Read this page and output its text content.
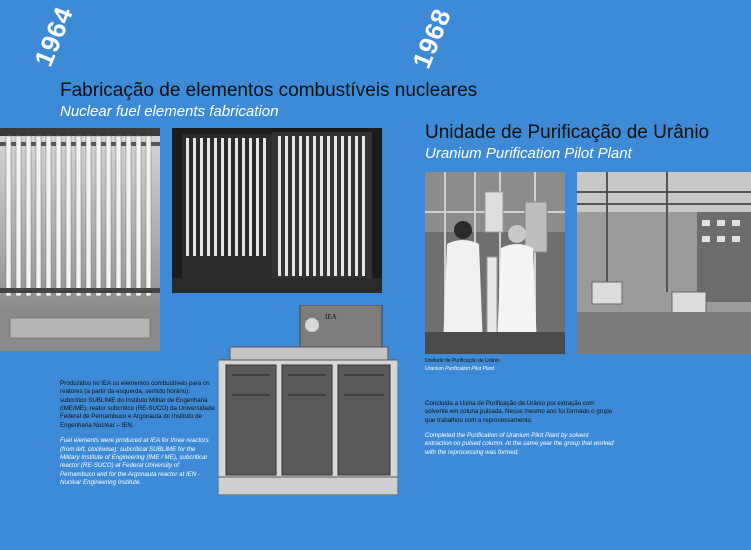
1964	1968
Fabricação de elementos combustíveis nucleares
Nuclear fuel elements fabrication
Unidade de Purificação de Urânio
Uranium Purification Pilot Plant
IEA
Unidade de Purificação de Urânio
Uranium Purification Pilot Plant

Produzidos no IEA os elementos combustíveis para os reatores (a partir da esquerda, sentido horário): subcrítico SUBLIME do Instituto Militar de Engenharia (IME/ME), reator subcrítico (RE-SUCO) da Universidade Federal de Pernambuco e Argonauta do Instituto de Engenharia Nuclear – IEN.

Fuel elements were produced at IEA for three reactors (from left, clockwise): subcritical SUBLIME for the Military Institute of Engineering (IME / ME), subcritical reactor (RE-SUCO) at Federal University of Pernambuco and for the Argonauta reactor at IEN - Nuclear Engineering Institute.

Concluída a Usina de Purificação de Urânio por extração com solvente em coluna pulsada. Nesse mesmo ano foi formado o grupo que trabalhou com o reprocessamento.

Completed the Purification of Uranium Pilot Plant by solvent extraction on pulsed column. At the same year the group that worked with the reprocessing was formed.
